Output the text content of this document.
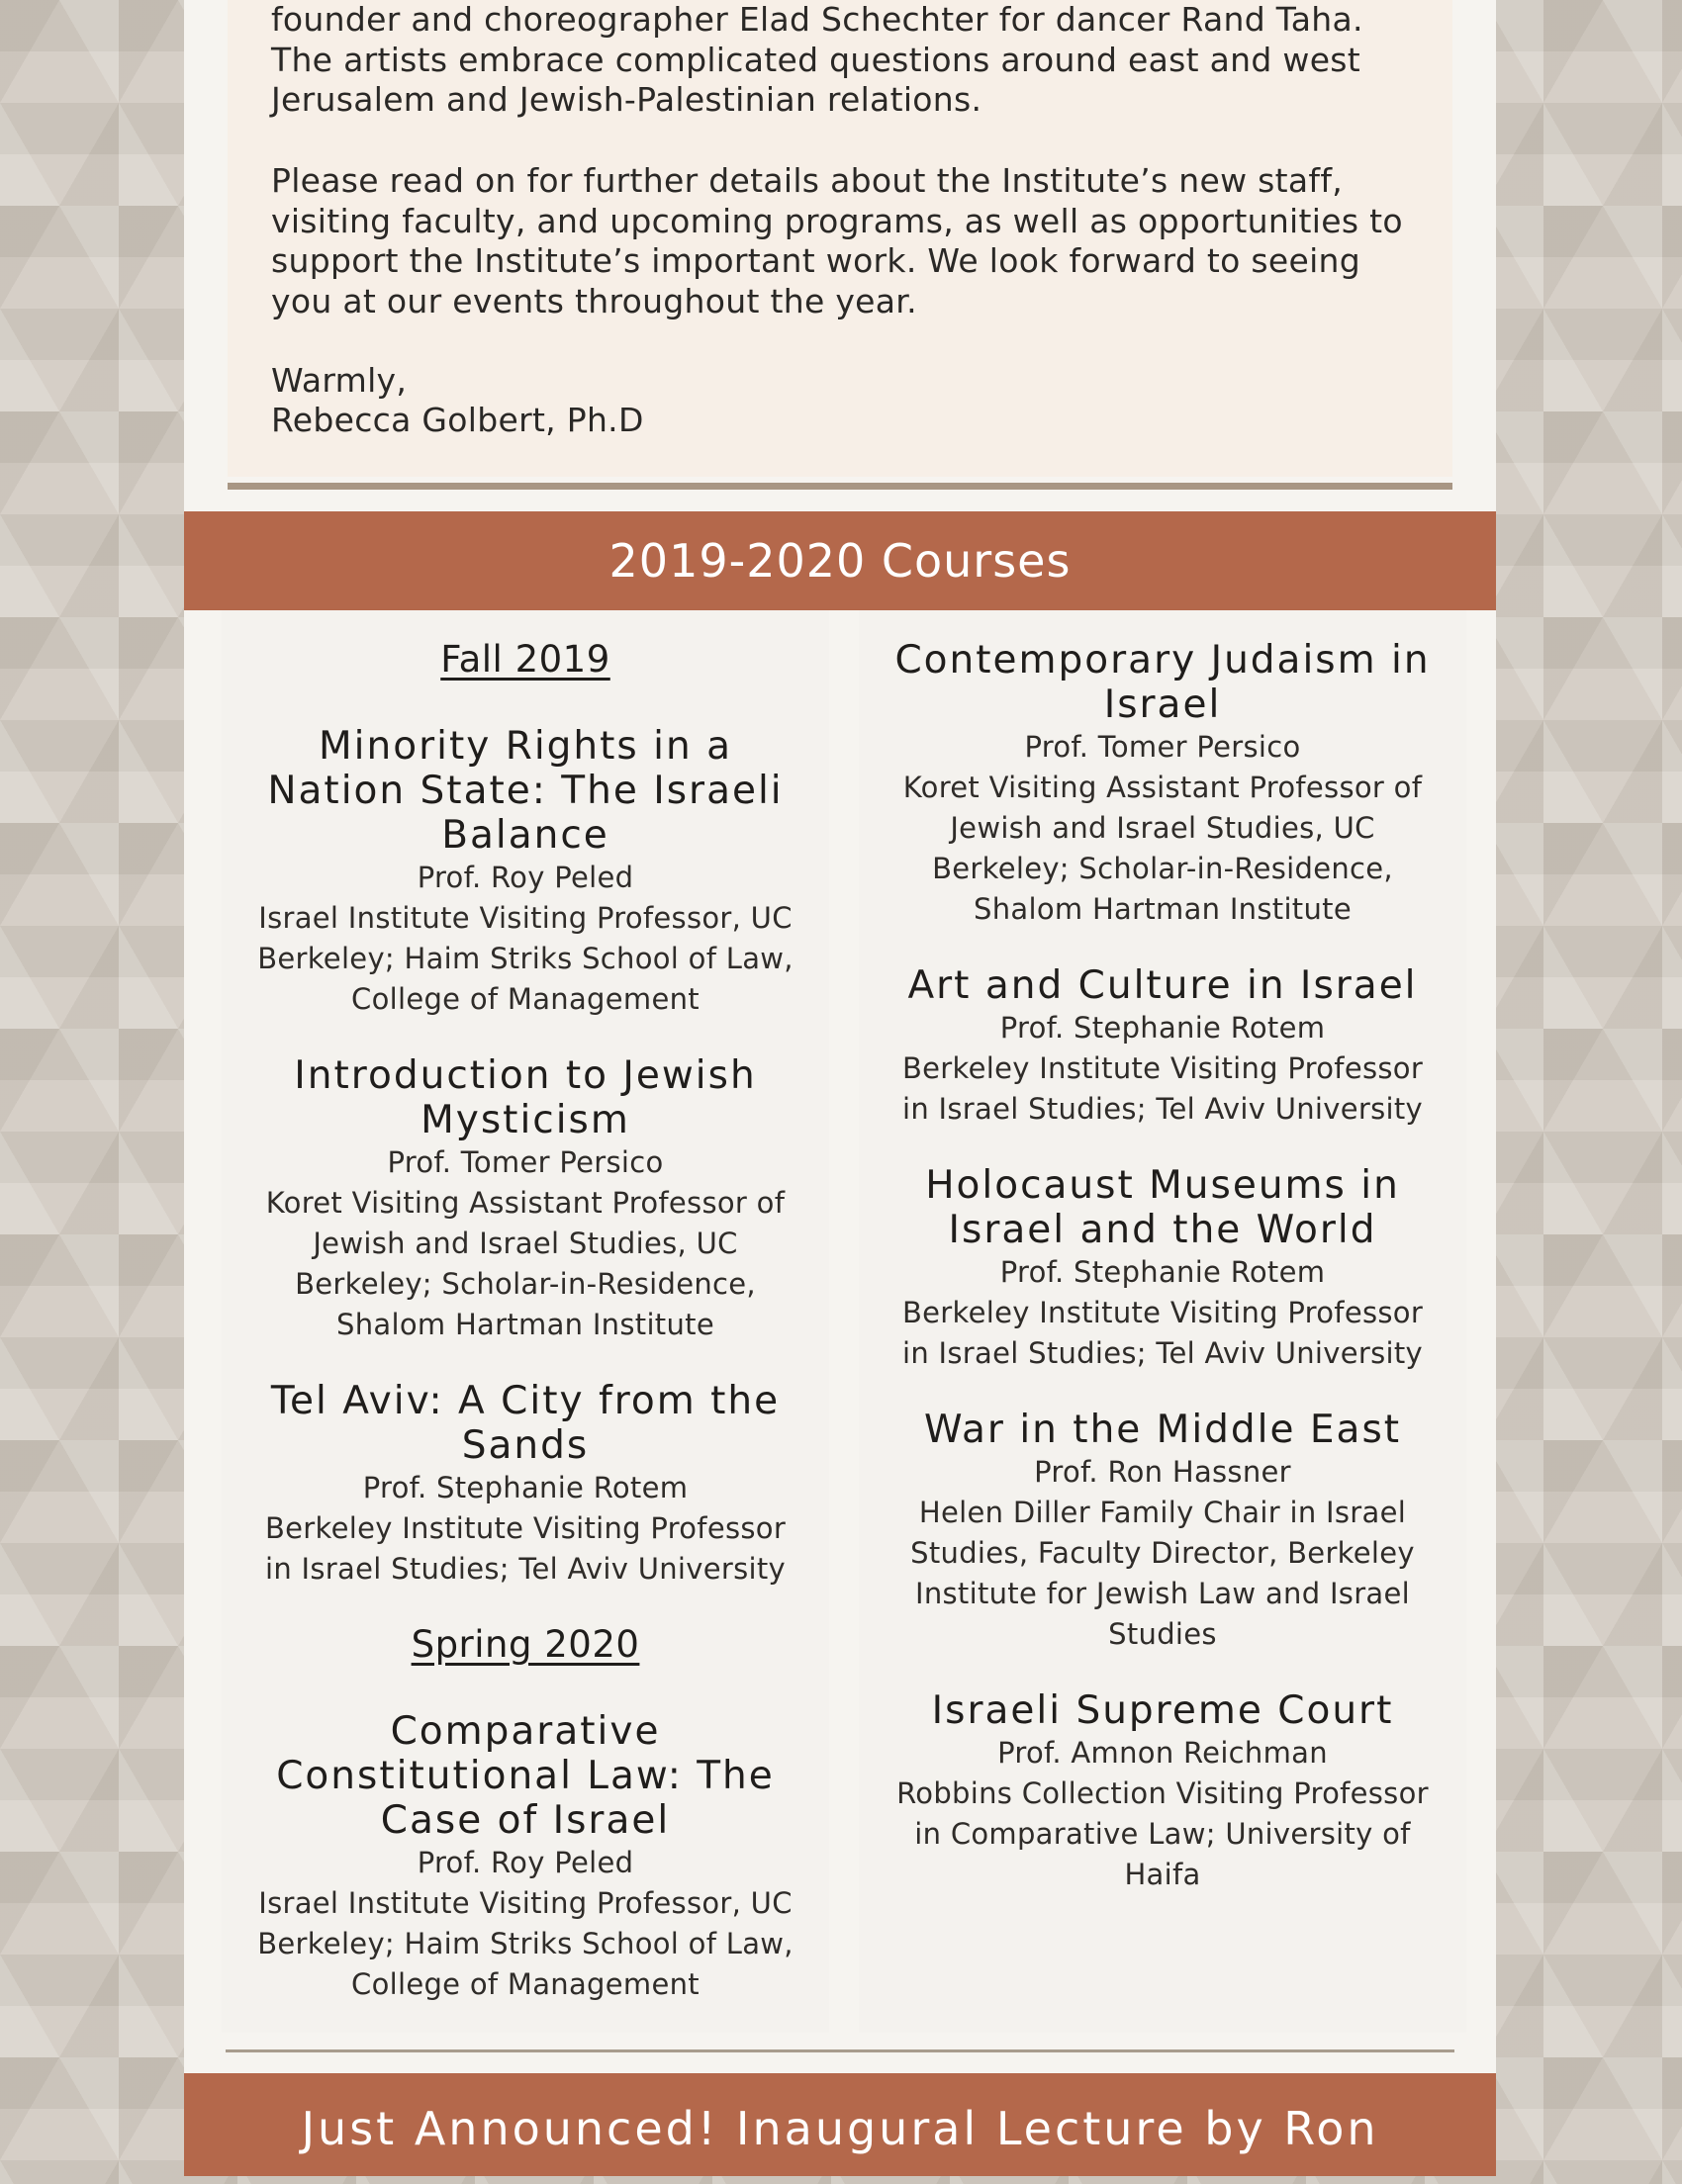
founder and choreographer Elad Schechter for dancer Rand Taha. The artists embrace complicated questions around east and west Jerusalem and Jewish-Palestinian relations.

Please read on for further details about the Institute’s new staff, visiting faculty, and upcoming programs, as well as opportunities to support the Institute’s important work. We look forward to seeing you at our events throughout the year.

Warmly,

Rebecca Golbert, Ph.D

2019-2020 Courses
Fall 2019
Minority Rights in a Nation State: The Israeli Balance
Prof. Roy Peled
Israel Institute Visiting Professor, UC Berkeley; Haim Striks School of Law, College of Management
Introduction to Jewish Mysticism
Prof. Tomer Persico
Koret Visiting Assistant Professor of Jewish and Israel Studies, UC Berkeley; Scholar-in-Residence, Shalom Hartman Institute
Tel Aviv: A City from the Sands
Prof. Stephanie Rotem
Berkeley Institute Visiting Professor in Israel Studies; Tel Aviv University
Spring 2020
Comparative Constitutional Law: The Case of Israel
Prof. Roy Peled
Israel Institute Visiting Professor, UC Berkeley; Haim Striks School of Law, College of Management
Contemporary Judaism in Israel
Prof. Tomer Persico
Koret Visiting Assistant Professor of Jewish and Israel Studies, UC Berkeley; Scholar-in-Residence, Shalom Hartman Institute
Art and Culture in Israel
Prof. Stephanie Rotem
Berkeley Institute Visiting Professor in Israel Studies; Tel Aviv University
Holocaust Museums in Israel and the World
Prof. Stephanie Rotem
Berkeley Institute Visiting Professor in Israel Studies; Tel Aviv University
War in the Middle East
Prof. Ron Hassner
Helen Diller Family Chair in Israel Studies, Faculty Director, Berkeley Institute for Jewish Law and Israel Studies
Israeli Supreme Court
Prof. Amnon Reichman
Robbins Collection Visiting Professor in Comparative Law; University of Haifa
Just Announced! Inaugural Lecture by Ron
